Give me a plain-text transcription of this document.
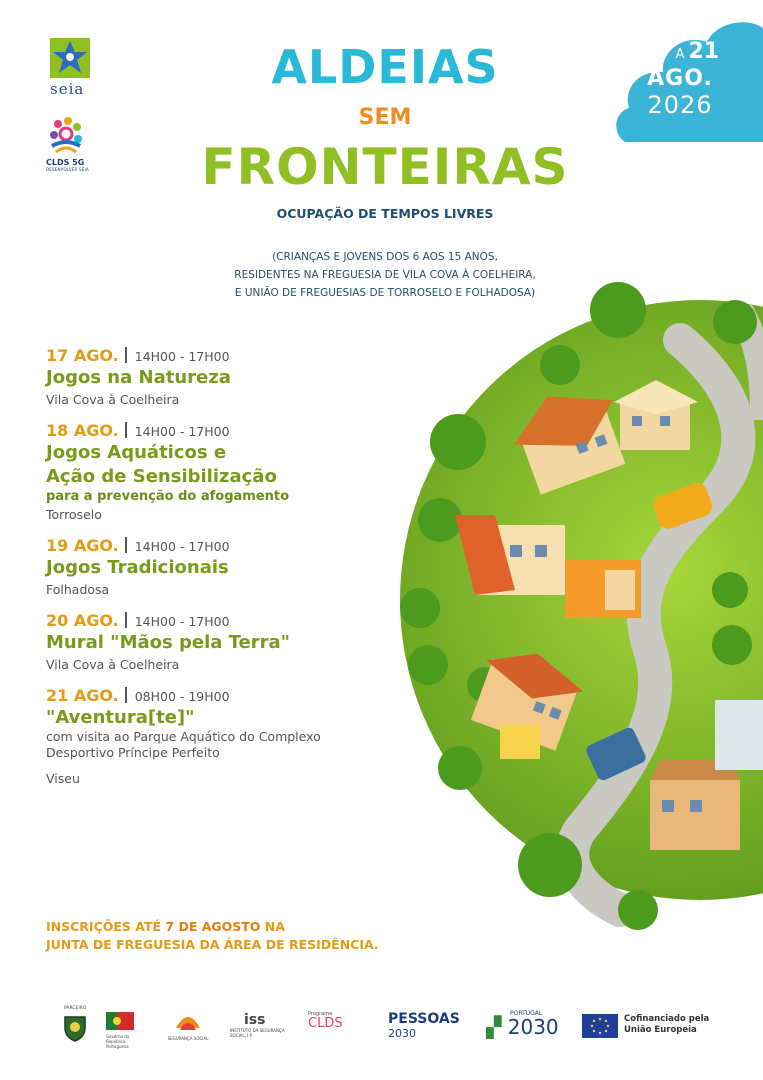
seia
CLDS 5G
DESENVOLVER SEIA
ALDEIAS
SEM
FRONTEIRAS
OCUPAÇÃO DE TEMPOS LIVRES
(CRIANÇAS E JOVENS DOS 6 AOS 15 ANOS,
RESIDENTES NA FREGUESIA DE VILA COVA À COELHEIRA,
E UNIÃO DE FREGUESIAS DE TORROSELO E FOLHADOSA)
17 A 21
AGO.
2026
17 AGO. 14H00 - 17H00
Jogos na Natureza
Vila Cova à Coelheira
18 AGO. 14H00 - 17H00
Jogos Aquáticos e
Ação de Sensibilização
para a prevenção do afogamento
Torroselo
19 AGO. 14H00 - 17H00
Jogos Tradicionais
Folhadosa
20 AGO. 14H00 - 17H00
Mural "Mãos pela Terra"
Vila Cova à Coelheira
21 AGO. 08H00 - 19H00
"Aventura[te]"
com visita ao Parque Aquático do Complexo
Desportivo Príncipe Perfeito
Viseu
INSCRIÇÕES ATÉ 7 DE AGOSTO NA
JUNTA DE FREGUESIA DA ÁREA DE RESIDÊNCIA.
PARCEIRO
Governo da República Portuguesa
SEGURANÇA SOCIAL
iss
INSTITUTO DA SEGURANÇA SOCIAL, I.P.
Programa
CLDS	PESSOAS
2030
PORTUGAL
▞ 2030	Cofinanciado pela
União Europeia
